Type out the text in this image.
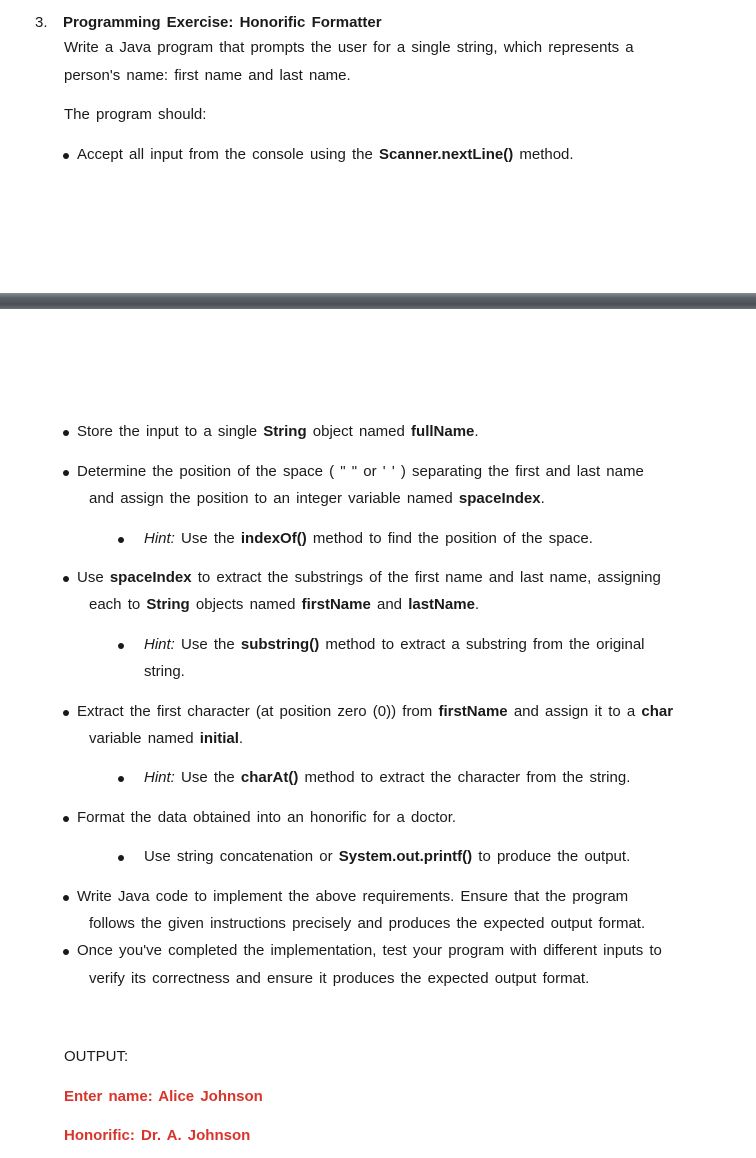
3. Programming Exercise: Honorific Formatter
Write a Java program that prompts the user for a single string, which represents a
person's name: first name and last name.
The program should:
Accept all input from the console using the Scanner.nextLine() method.
Store the input to a single String object named fullName.
Determine the position of the space ( " " or ' ' ) separating the first and last name
and assign the position to an integer variable named spaceIndex.
Hint: Use the indexOf() method to find the position of the space.
Use spaceIndex to extract the substrings of the first name and last name, assigning
each to String objects named firstName and lastName.
Hint: Use the substring() method to extract a substring from the original
string.
Extract the first character (at position zero (0)) from firstName and assign it to a char
variable named initial.
Hint: Use the charAt() method to extract the character from the string.
Format the data obtained into an honorific for a doctor.
Use string concatenation or System.out.printf() to produce the output.
Write Java code to implement the above requirements. Ensure that the program
follows the given instructions precisely and produces the expected output format.
Once you've completed the implementation, test your program with different inputs to
verify its correctness and ensure it produces the expected output format.
OUTPUT:
Enter name: Alice Johnson
Honorific: Dr. A. Johnson
